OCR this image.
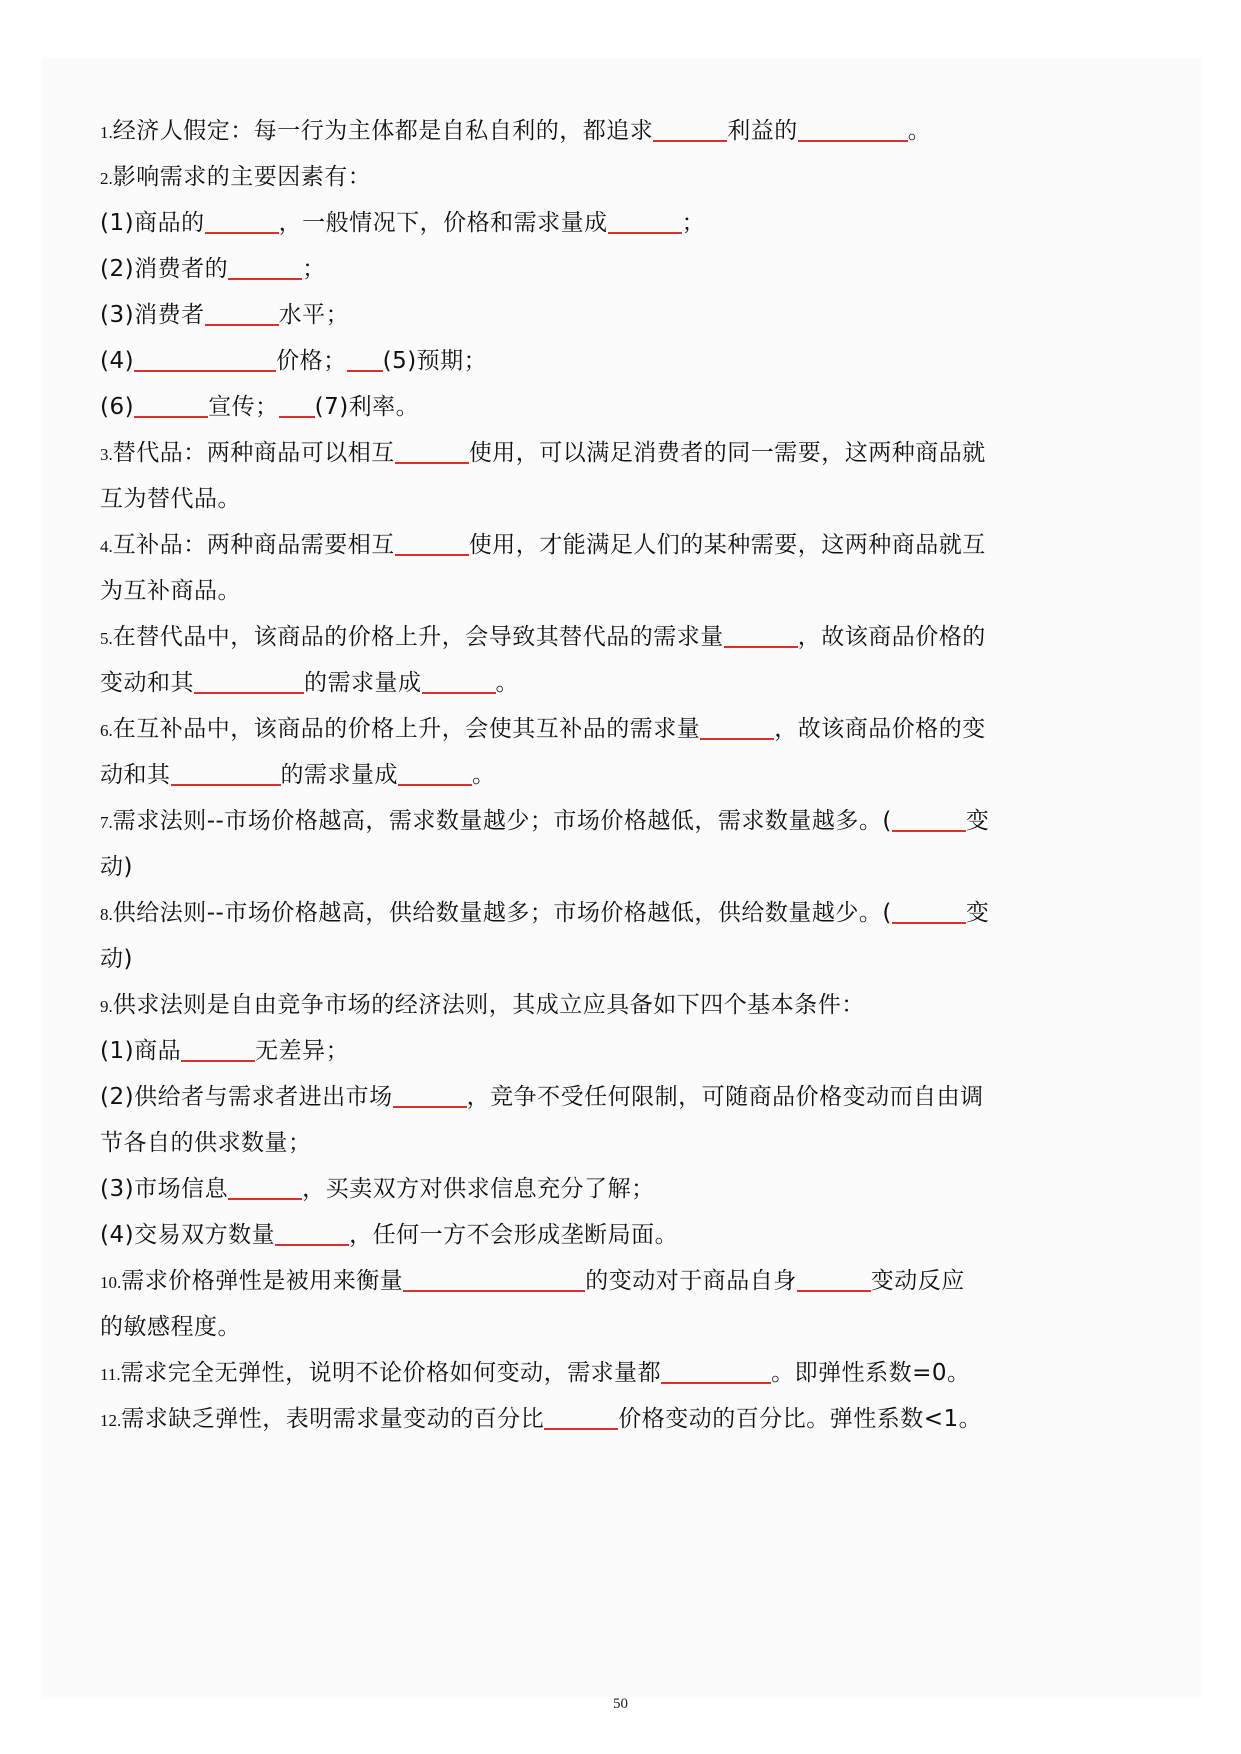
1.经济人假定：每一行为主体都是自私自利的，都追求	利益的	。
2.影响需求的主要因素有：
(1)商品的	，一般情况下，价格和需求量成	；
(2)消费者的	；
(3)消费者	水平；
(4)	价格； (5)预期；
(6)	宣传； (7)利率。
3.替代品：两种商品可以相互	使用，可以满足消费者的同一需要，这两种商品就
互为替代品。
4.互补品：两种商品需要相互	使用，才能满足人们的某种需要，这两种商品就互
为互补商品。
5.在替代品中，该商品的价格上升，会导致其替代品的需求量	，故该商品价格的
变动和其	的需求量成	。
6.在互补品中，该商品的价格上升，会使其互补品的需求量	，故该商品价格的变
动和其	的需求量成	。
7.需求法则--市场价格越高，需求数量越少；市场价格越低，需求数量越多。(	变
动)
8.供给法则--市场价格越高，供给数量越多；市场价格越低，供给数量越少。(	变
动)
9.供求法则是自由竞争市场的经济法则，其成立应具备如下四个基本条件：
(1)商品	无差异；
(2)供给者与需求者进出市场	，竞争不受任何限制，可随商品价格变动而自由调
节各自的供求数量；
(3)市场信息	，买卖双方对供求信息充分了解；
(4)交易双方数量	，任何一方不会形成垄断局面。
10.需求价格弹性是被用来衡量	的变动对于商品自身	变动反应
的敏感程度。
11.需求完全无弹性，说明不论价格如何变动，需求量都	。即弹性系数=0。
12.需求缺乏弹性，表明需求量变动的百分比	价格变动的百分比。弹性系数<1。
50
